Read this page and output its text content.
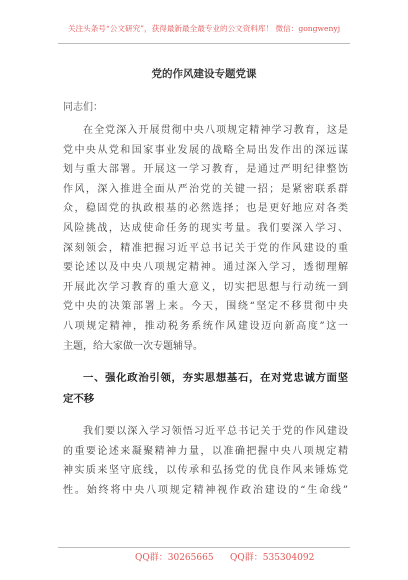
关注头条号“公文研究”，获得最新最全最专业的公文资料库！ 微信：gongwenyj
党的作风建设专题党课
同志们：
在全党深入开展贯彻中央八项规定精神学习教育，这是
党中央从党和国家事业发展的战略全局出发作出的深远谋
划与重大部署。开展这一学习教育，是通过严明纪律整饬
作风，深入推进全面从严治党的关键一招；是紧密联系群
众，稳固党的执政根基的必然选择；也是更好地应对各类
风险挑战，达成使命任务的现实考量。我们要深入学习、
深刻领会，精准把握习近平总书记关于党的作风建设的重
要论述以及中央八项规定精神。通过深入学习，透彻理解
开展此次学习教育的重大意义，切实把思想与行动统一到
党中央的决策部署上来。今天，围绕“坚定不移贯彻中央
八项规定精神，推动税务系统作风建设迈向新高度”这一
主题，给大家做一次专题辅导。
一、强化政治引领，夯实思想基石，在对党忠诚方面坚
定不移
我们要以深入学习领悟习近平总书记关于党的作风建设
的重要论述来凝聚精神力量，以准确把握中央八项规定精
神实质来坚守底线，以传承和弘扬党的优良作风来锤炼党
性。始终将中央八项规定精神视作政治建设的“生命线”
QQ群：30265665 QQ群：535304092
